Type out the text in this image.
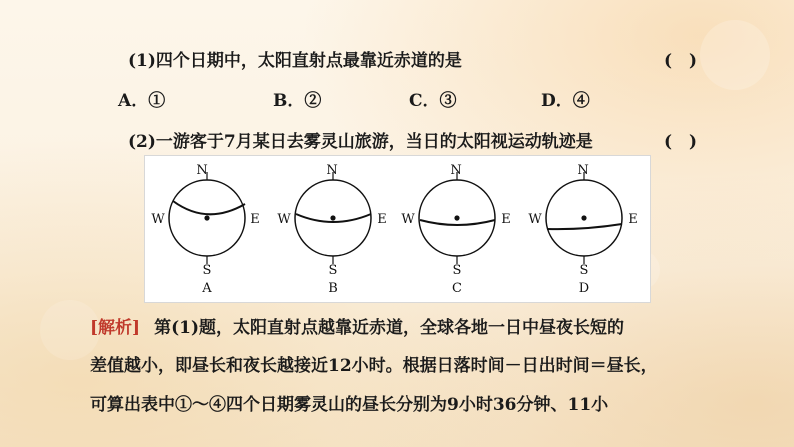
(1)四个日期中，太阳直射点最靠近赤道的是	(　)
A．①	B．②	C．③	D．④
(2)一游客于7月某日去雾灵山旅游，当日的太阳视运动轨迹是	(　)
N
W	E
S
A
N
W	E
S
B
N
W	E
S
C
N
W	E
S
D
[解析] 第(1)题，太阳直射点越靠近赤道，全球各地一日中昼夜长短的
差值越小，即昼长和夜长越接近12小时。根据日落时间－日出时间＝昼长，
可算出表中①～④四个日期雾灵山的昼长分别为9小时36分钟、11小
